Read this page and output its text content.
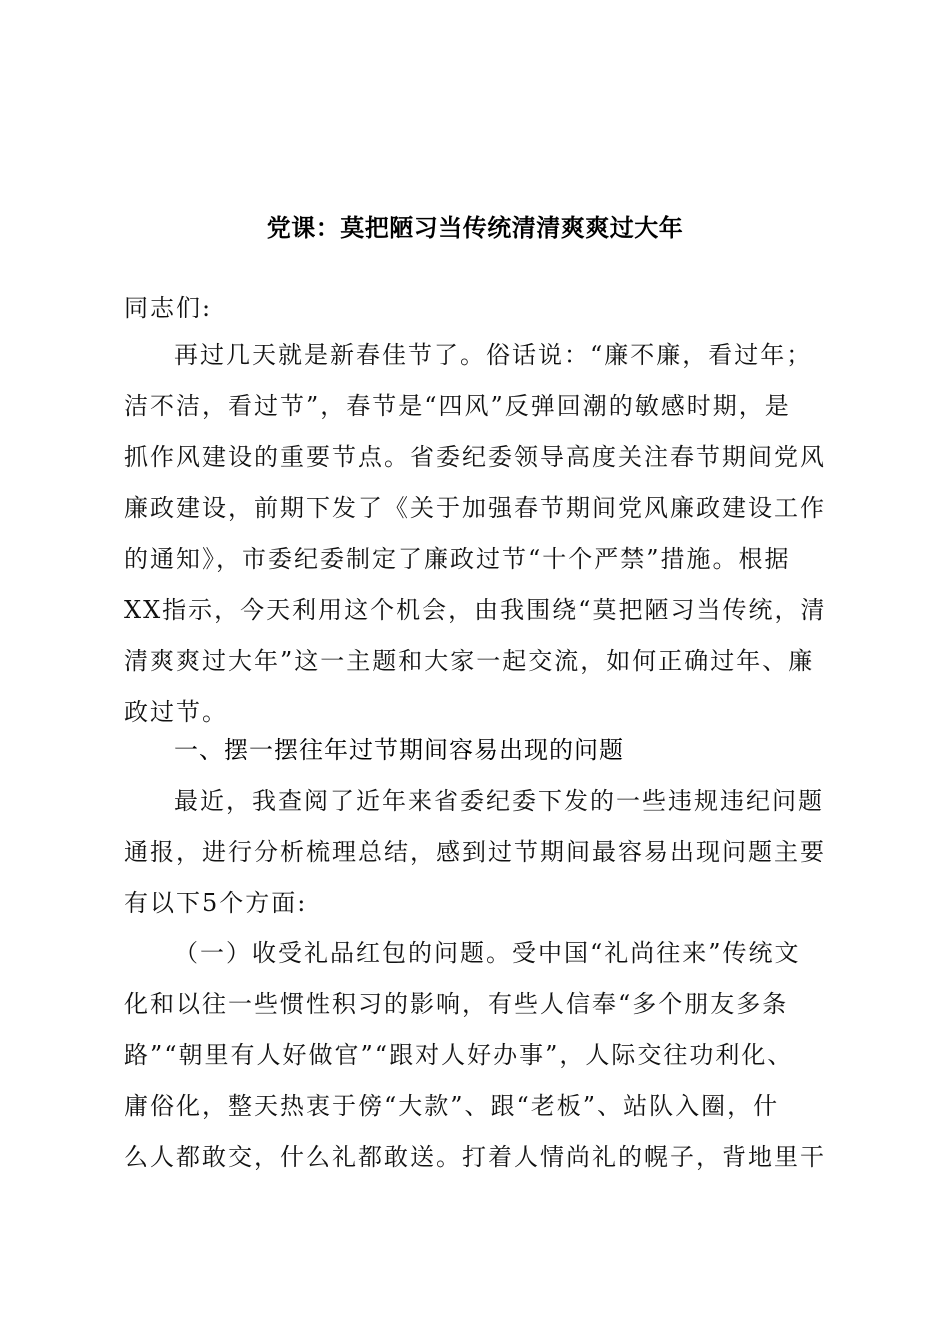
党课：莫把陋习当传统清清爽爽过大年
同志们:
再过几天就是新春佳节了。俗话说：“廉不廉，看过年；
洁不洁，看过节”，春节是“四风”反弹回潮的敏感时期，是
抓作风建设的重要节点。省委纪委领导高度关注春节期间党风
廉政建设，前期下发了《关于加强春节期间党风廉政建设工作
的通知》，市委纪委制定了廉政过节“十个严禁”措施。根据
XX指示，今天利用这个机会，由我围绕“莫把陋习当传统，清
清爽爽过大年”这一主题和大家一起交流，如何正确过年、廉
政过节。
一、摆一摆往年过节期间容易出现的问题
最近，我查阅了近年来省委纪委下发的一些违规违纪问题
通报，进行分析梳理总结，感到过节期间最容易出现问题主要
有以下5个方面:
（一）收受礼品红包的问题。受中国“礼尚往来”传统文
化和以往一些惯性积习的影响，有些人信奉“多个朋友多条
路”“朝里有人好做官”“跟对人好办事”，人际交往功利化、
庸俗化，整天热衷于傍“大款”、跟“老板”、站队入圈，什
么人都敢交，什么礼都敢送。打着人情尚礼的幌子，背地里干
